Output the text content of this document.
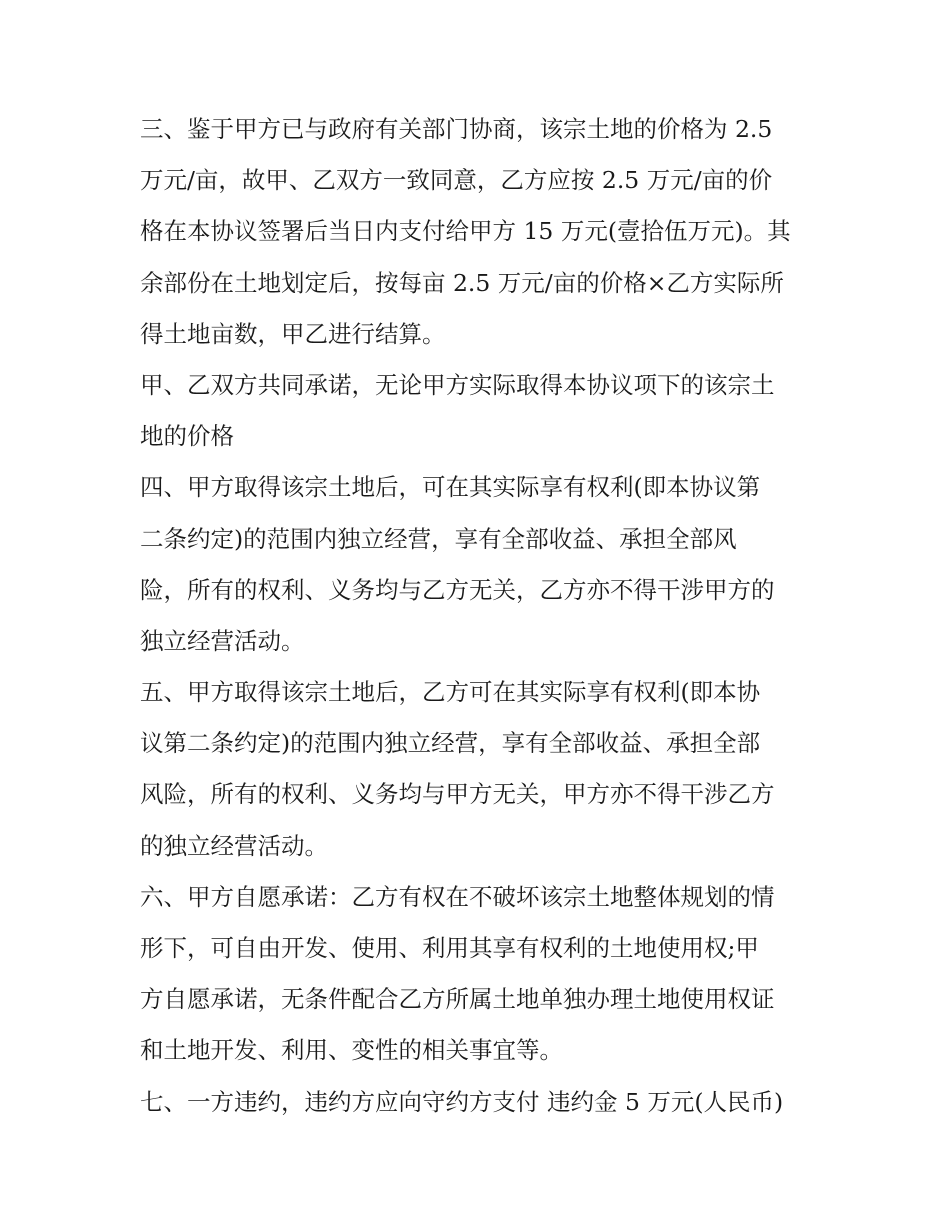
三、鉴于甲方已与政府有关部门协商，该宗土地的价格为 2.5
万元/亩，故甲、乙双方一致同意，乙方应按 2.5 万元/亩的价
格在本协议签署后当日内支付给甲方 15 万元(壹拾伍万元)。其
余部份在土地划定后，按每亩 2.5 万元/亩的价格×乙方实际所
得土地亩数，甲乙进行结算。
甲、乙双方共同承诺，无论甲方实际取得本协议项下的该宗土
地的价格
四、甲方取得该宗土地后，可在其实际享有权利(即本协议第
二条约定)的范围内独立经营，享有全部收益、承担全部风
险，所有的权利、义务均与乙方无关，乙方亦不得干涉甲方的
独立经营活动。
五、甲方取得该宗土地后，乙方可在其实际享有权利(即本协
议第二条约定)的范围内独立经营，享有全部收益、承担全部
风险，所有的权利、义务均与甲方无关，甲方亦不得干涉乙方
的独立经营活动。
六、甲方自愿承诺：乙方有权在不破坏该宗土地整体规划的情
形下，可自由开发、使用、利用其享有权利的土地使用权;甲
方自愿承诺，无条件配合乙方所属土地单独办理土地使用权证
和土地开发、利用、变性的相关事宜等。
七、一方违约，违约方应向守约方支付 违约金 5 万元(人民币)
